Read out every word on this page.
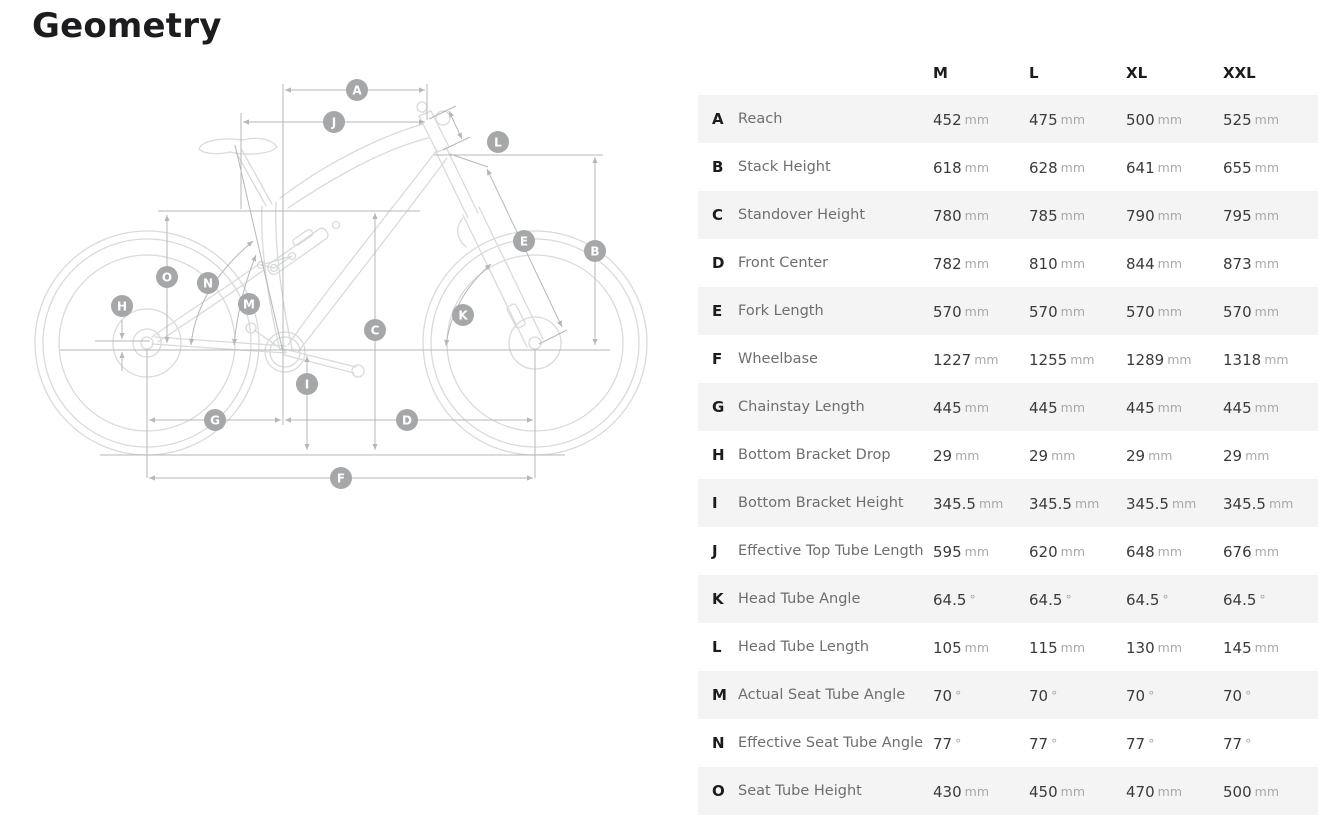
Geometry
A
J
L
E
B
O	N
M
H
K
C
I
G	D
F
M	L	XL	XXL
A Reach	452 mm	475 mm	500 mm	525 mm
B	Stack Height	618 mm	628 mm	641 mm	655 mm
C	Standover Height	780 mm	785 mm	790 mm	795 mm
D Front Center	782 mm	810 mm	844 mm	873 mm
E	Fork Length	570 mm	570 mm	570 mm	570 mm
F	Wheelbase	1227 mm	1255 mm	1289 mm	1318 mm
G Chainstay Length	445 mm	445 mm	445 mm	445 mm
H Bottom Bracket Drop	29 mm	29 mm	29 mm	29 mm
I	Bottom Bracket Height	345.5 mm	345.5 mm	345.5 mm	345.5 mm
J	Effective Top Tube Length 595 mm	620 mm	648 mm	676 mm
K Head Tube Angle	64.5 °	64.5 °	64.5 °	64.5 °
L	Head Tube Length	105 mm	115 mm	130 mm	145 mm
M Actual Seat Tube Angle	70 °	70 °	70 °	70 °
N Effective Seat Tube Angle 77 °	77 °	77 °	77 °
O Seat Tube Height	430 mm	450 mm	470 mm	500 mm
